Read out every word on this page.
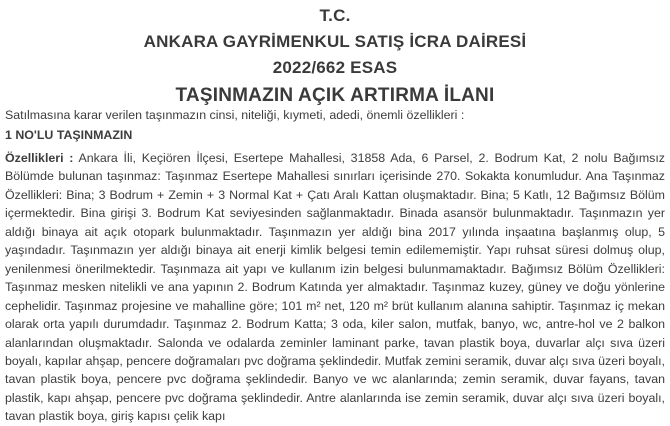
T.C.

ANKARA GAYRİMENKUL SATIŞ İCRA DAİRESİ

2022/662 ESAS

TAŞINMAZIN AÇIK ARTIRMA İLANI

Satılmasına karar verilen taşınmazın cinsi, niteliği, kıymeti, adedi, önemli özellikleri :

1 NO'LU TAŞINMAZIN

Özellikleri : Ankara İli, Keçiören İlçesi, Esertepe Mahallesi, 31858 Ada, 6 Parsel, 2. Bodrum Kat, 2 nolu Bağımsız Bölümde bulunan taşınmaz: Taşınmaz Esertepe Mahallesi sınırları içerisinde 270. Sokakta konumludur. Ana Taşınmaz Özellikleri: Bina; 3 Bodrum + Zemin + 3 Normal Kat + Çatı Aralı Kattan oluşmaktadır. Bina; 5 Katlı, 12 Bağımsız Bölüm içermektedir. Bina girişi 3. Bodrum Kat seviyesinden sağlanmaktadır. Binada asansör bulunmaktadır. Taşınmazın yer aldığı binaya ait açık otopark bulunmaktadır. Taşınmazın yer aldığı bina 2017 yılında inşaatına başlanmış olup, 5 yaşındadır. Taşınmazın yer aldığı binaya ait enerji kimlik belgesi temin edilememiştir. Yapı ruhsat süresi dolmuş olup, yenilenmesi önerilmektedir. Taşınmaza ait yapı ve kullanım izin belgesi bulunmamaktadır. Bağımsız Bölüm Özellikleri: Taşınmaz mesken nitelikli ve ana yapının 2. Bodrum Katında yer almaktadır. Taşınmaz kuzey, güney ve doğu yönlerine cephelidir. Taşınmaz projesine ve mahalline göre; 101 m² net, 120 m² brüt kullanım alanına sahiptir. Taşınmaz iç mekan olarak orta yapılı durumdadır. Taşınmaz 2. Bodrum Katta; 3 oda, kiler salon, mutfak, banyo, wc, antre-hol ve 2 balkon alanlarından oluşmaktadır. Salonda ve odalarda zeminler laminant parke, tavan plastik boya, duvarlar alçı sıva üzeri boyalı, kapılar ahşap, pencere doğramaları pvc doğrama şeklindedir. Mutfak zemini seramik, duvar alçı sıva üzeri boyalı, tavan plastik boya, pencere pvc doğrama şeklindedir. Banyo ve wc alanlarında; zemin seramik, duvar fayans, tavan plastik, kapı ahşap, pencere pvc doğrama şeklindedir. Antre alanlarında ise zemin seramik, duvar alçı sıva üzeri boyalı, tavan plastik boya, giriş kapısı çelik kapı
